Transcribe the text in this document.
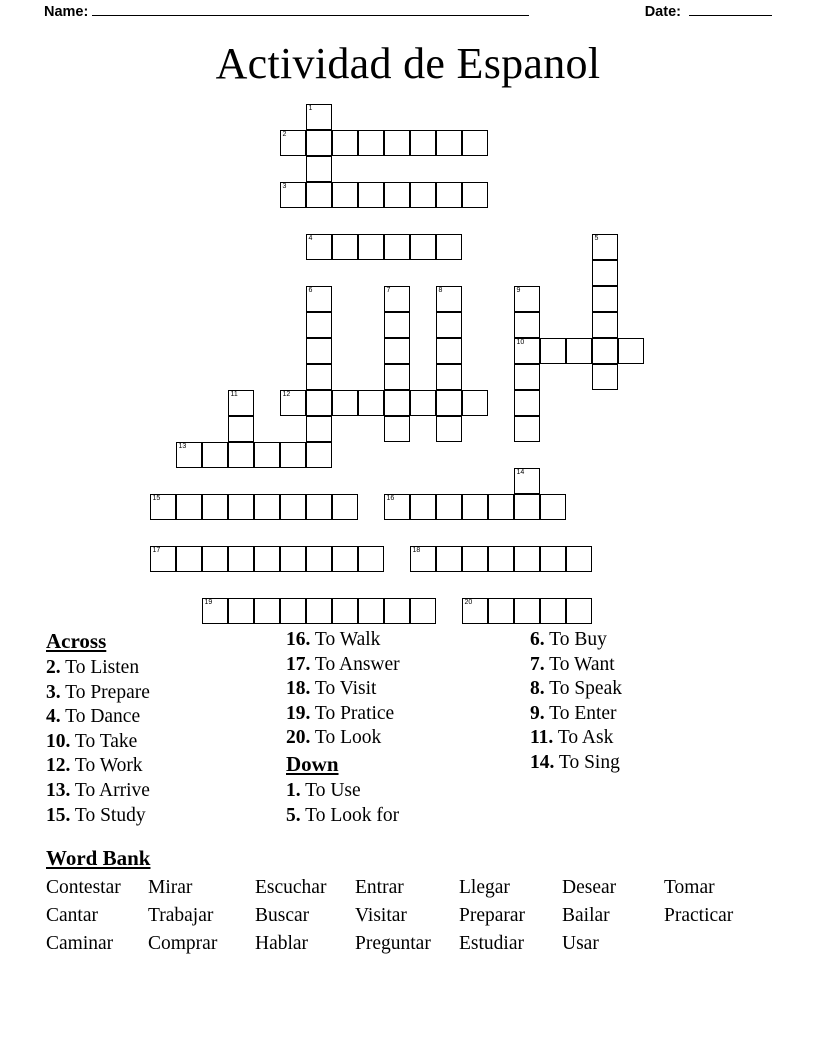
Name:	Date:
Actividad de Espanol
1
2
3
4	5
6	7	8	9
10
11	12
13
14
15	16
17	18
19	20
Across
2. To Listen
3. To Prepare
4. To Dance
10. To Take
12. To Work
13. To Arrive
15. To Study
16. To Walk
17. To Answer
18. To Visit
19. To Pratice
20. To Look
Down
1. To Use
5. To Look for
6. To Buy
7. To Want
8. To Speak
9. To Enter
11. To Ask
14. To Sing
Word Bank
Contestar	Mirar	Escuchar	Entrar	Llegar	Desear	Tomar
Cantar	Trabajar	Buscar	Visitar	Preparar	Bailar	Practicar
Caminar	Comprar	Hablar	Preguntar	Estudiar	Usar
